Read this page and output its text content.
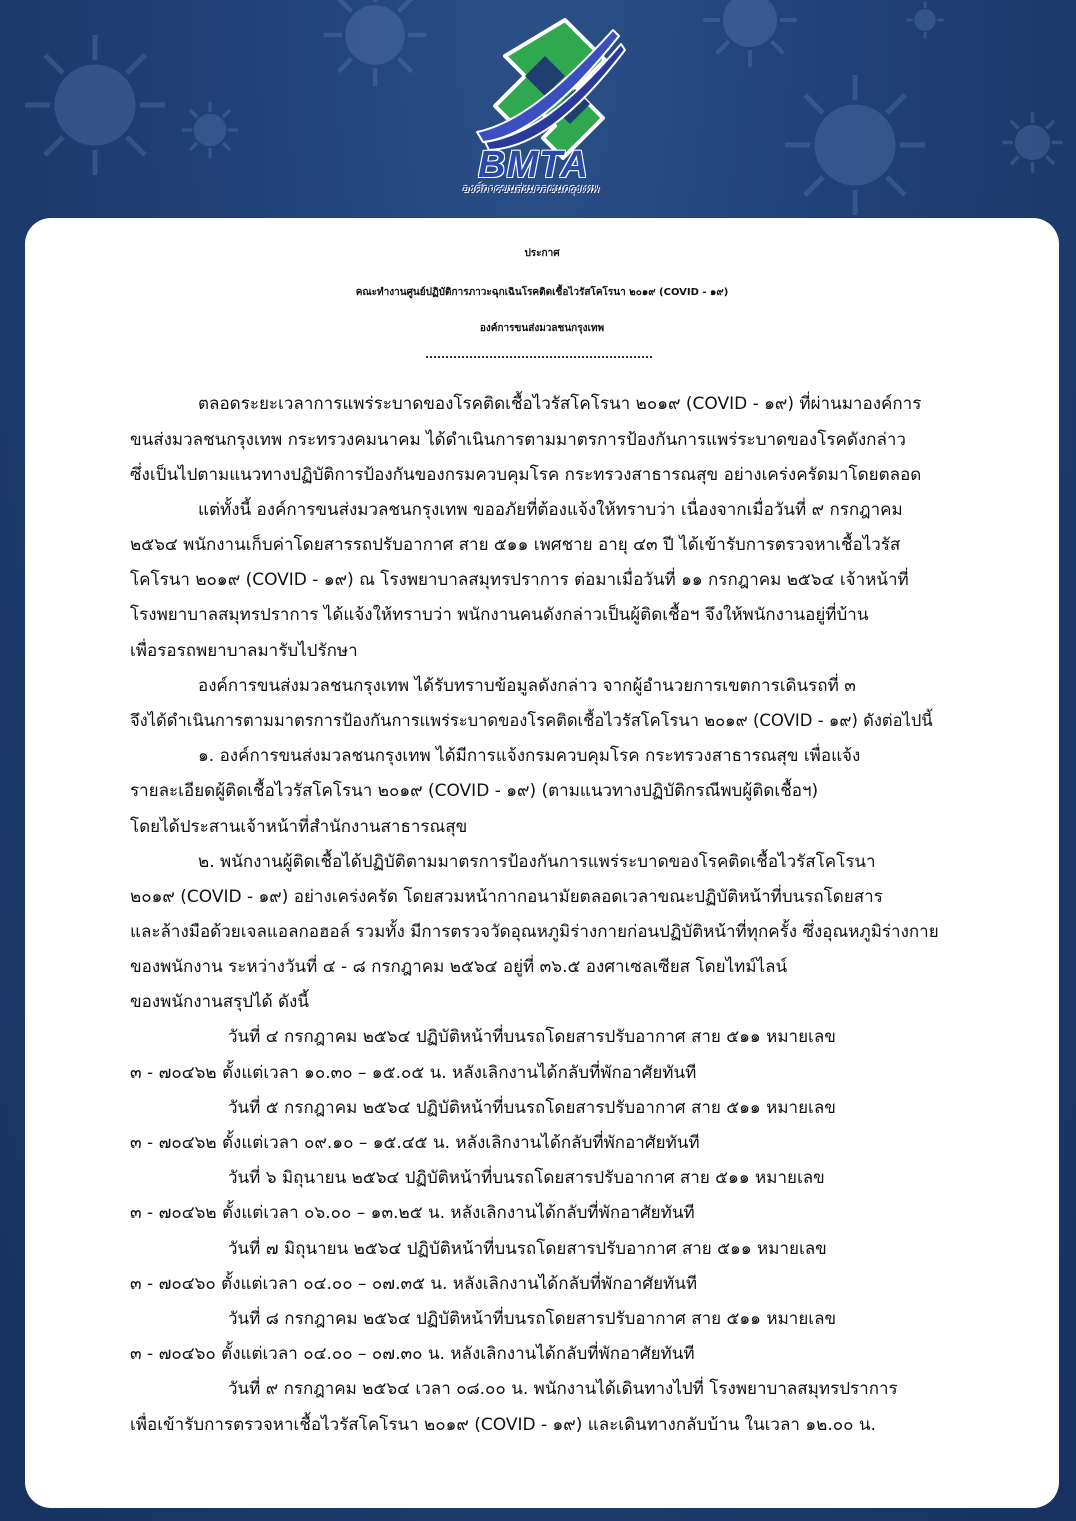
BMTA
องค์การขนส่งมวลชนกรุงเทพ
ประกาศ
คณะทำงานศูนย์ปฏิบัติการภาวะฉุกเฉินโรคติดเชื้อไวรัสโคโรนา ๒๐๑๙ (COVID - ๑๙)
องค์การขนส่งมวลชนกรุงเทพ
ตลอดระยะเวลาการแพร่ระบาดของโรคติดเชื้อไวรัสโคโรนา ๒๐๑๙ (COVID - ๑๙) ที่ผ่านมาองค์การ
ขนส่งมวลชนกรุงเทพ กระทรวงคมนาคม ได้ดำเนินการตามมาตรการป้องกันการแพร่ระบาดของโรคดังกล่าว
ซึ่งเป็นไปตามแนวทางปฏิบัติการป้องกันของกรมควบคุมโรค กระทรวงสาธารณสุข อย่างเคร่งครัดมาโดยตลอด
แต่ทั้งนี้ องค์การขนส่งมวลชนกรุงเทพ ขออภัยที่ต้องแจ้งให้ทราบว่า เนื่องจากเมื่อวันที่ ๙ กรกฎาคม
๒๕๖๔ พนักงานเก็บค่าโดยสารรถปรับอากาศ สาย ๕๑๑ เพศชาย อายุ ๔๓ ปี ได้เข้ารับการตรวจหาเชื้อไวรัส
โคโรนา ๒๐๑๙ (COVID - ๑๙) ณ โรงพยาบาลสมุทรปราการ ต่อมาเมื่อวันที่ ๑๑ กรกฎาคม ๒๕๖๔ เจ้าหน้าที่
โรงพยาบาลสมุทรปราการ ได้แจ้งให้ทราบว่า พนักงานคนดังกล่าวเป็นผู้ติดเชื้อฯ จึงให้พนักงานอยู่ที่บ้าน
เพื่อรอรถพยาบาลมารับไปรักษา
องค์การขนส่งมวลชนกรุงเทพ ได้รับทราบข้อมูลดังกล่าว จากผู้อำนวยการเขตการเดินรถที่ ๓
จึงได้ดำเนินการตามมาตรการป้องกันการแพร่ระบาดของโรคติดเชื้อไวรัสโคโรนา ๒๐๑๙ (COVID - ๑๙) ดังต่อไปนี้
๑. องค์การขนส่งมวลชนกรุงเทพ ได้มีการแจ้งกรมควบคุมโรค กระทรวงสาธารณสุข เพื่อแจ้ง
รายละเอียดผู้ติดเชื้อไวรัสโคโรนา ๒๐๑๙ (COVID - ๑๙) (ตามแนวทางปฏิบัติกรณีพบผู้ติดเชื้อฯ)
โดยได้ประสานเจ้าหน้าที่สำนักงานสาธารณสุข
๒. พนักงานผู้ติดเชื้อได้ปฏิบัติตามมาตรการป้องกันการแพร่ระบาดของโรคติดเชื้อไวรัสโคโรนา
๒๐๑๙ (COVID - ๑๙) อย่างเคร่งครัด โดยสวมหน้ากากอนามัยตลอดเวลาขณะปฏิบัติหน้าที่บนรถโดยสาร
และล้างมือด้วยเจลแอลกอฮอล์ รวมทั้ง มีการตรวจวัดอุณหภูมิร่างกายก่อนปฏิบัติหน้าที่ทุกครั้ง ซึ่งอุณหภูมิร่างกาย
ของพนักงาน ระหว่างวันที่ ๔ - ๘ กรกฎาคม ๒๕๖๔ อยู่ที่ ๓๖.๕ องศาเซลเซียส โดยไทม์ไลน์
ของพนักงานสรุปได้ ดังนี้
วันที่ ๔ กรกฎาคม ๒๕๖๔ ปฏิบัติหน้าที่บนรถโดยสารปรับอากาศ สาย ๕๑๑ หมายเลข
๓ - ๗๐๔๖๒ ตั้งแต่เวลา ๑๐.๓๐ – ๑๕.๐๕ น. หลังเลิกงานได้กลับที่พักอาศัยทันที
วันที่ ๕ กรกฎาคม ๒๕๖๔ ปฏิบัติหน้าที่บนรถโดยสารปรับอากาศ สาย ๕๑๑ หมายเลข
๓ - ๗๐๔๖๒ ตั้งแต่เวลา ๐๙.๑๐ – ๑๕.๔๕ น. หลังเลิกงานได้กลับที่พักอาศัยทันที
วันที่ ๖ มิถุนายน ๒๕๖๔ ปฏิบัติหน้าที่บนรถโดยสารปรับอากาศ สาย ๕๑๑ หมายเลข
๓ - ๗๐๔๖๒ ตั้งแต่เวลา ๐๖.๐๐ – ๑๓.๒๕ น. หลังเลิกงานได้กลับที่พักอาศัยทันที
วันที่ ๗ มิถุนายน ๒๕๖๔ ปฏิบัติหน้าที่บนรถโดยสารปรับอากาศ สาย ๕๑๑ หมายเลข
๓ - ๗๐๔๖๐ ตั้งแต่เวลา ๐๔.๐๐ – ๐๗.๓๕ น. หลังเลิกงานได้กลับที่พักอาศัยทันที
วันที่ ๘ กรกฎาคม ๒๕๖๔ ปฏิบัติหน้าที่บนรถโดยสารปรับอากาศ สาย ๕๑๑ หมายเลข
๓ - ๗๐๔๖๐ ตั้งแต่เวลา ๐๔.๐๐ – ๐๗.๓๐ น. หลังเลิกงานได้กลับที่พักอาศัยทันที
วันที่ ๙ กรกฎาคม ๒๕๖๔ เวลา ๐๘.๐๐ น. พนักงานได้เดินทางไปที่ โรงพยาบาลสมุทรปราการ
เพื่อเข้ารับการตรวจหาเชื้อไวรัสโคโรนา ๒๐๑๙ (COVID - ๑๙) และเดินทางกลับบ้าน ในเวลา ๑๒.๐๐ น.
